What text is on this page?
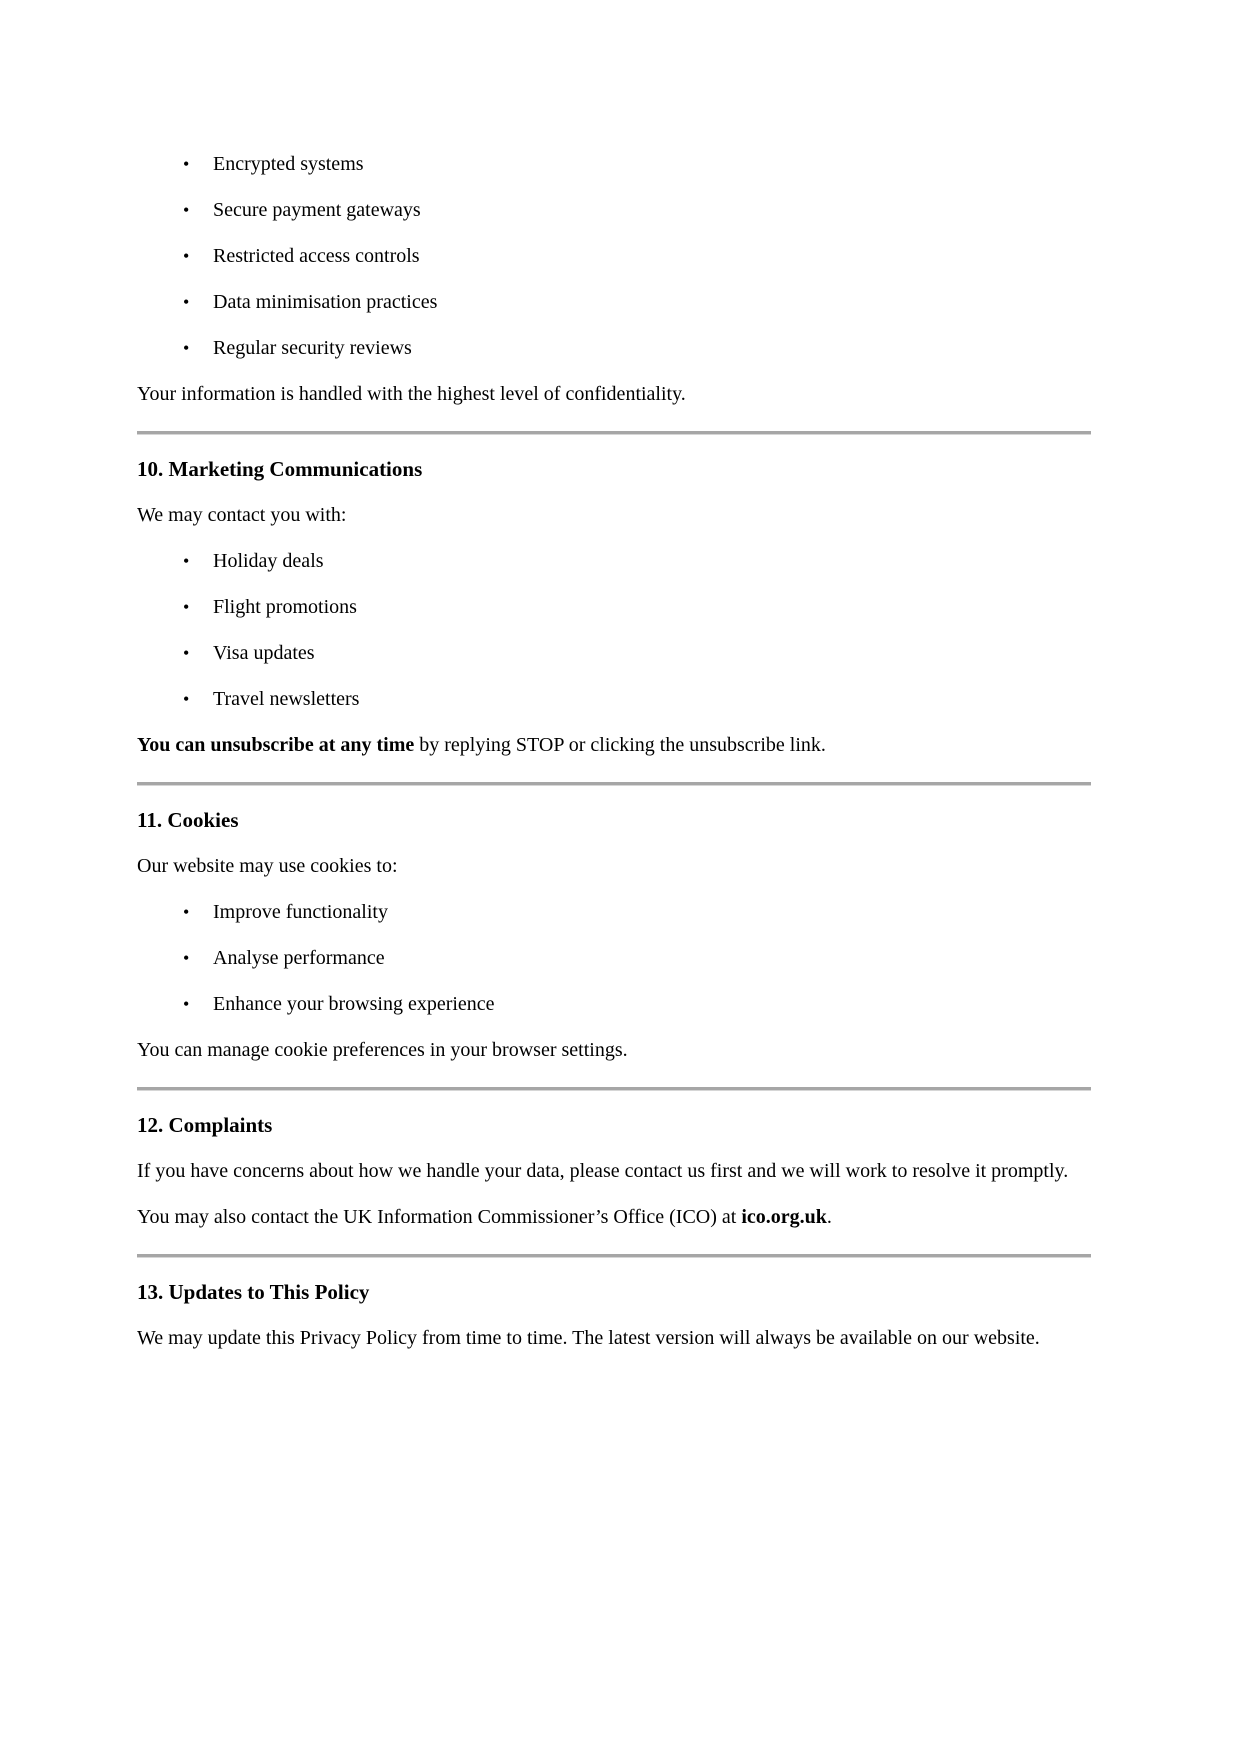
•	Encrypted systems
•	Secure payment gateways
•	Restricted access controls
•	Data minimisation practices
•	Regular security reviews

Your information is handled with the highest level of confidentiality.

10. Marketing Communications

We may contact you with:

•	Holiday deals
•	Flight promotions
•	Visa updates
•	Travel newsletters

You can unsubscribe at any time by replying STOP or clicking the unsubscribe link.

11. Cookies

Our website may use cookies to:

•	Improve functionality
•	Analyse performance
•	Enhance your browsing experience

You can manage cookie preferences in your browser settings.

12. Complaints

If you have concerns about how we handle your data, please contact us first and we will work to resolve it promptly.

You may also contact the UK Information Commissioner’s Office (ICO) at ico.org.uk.

13. Updates to This Policy

We may update this Privacy Policy from time to time. The latest version will always be available on our website.
